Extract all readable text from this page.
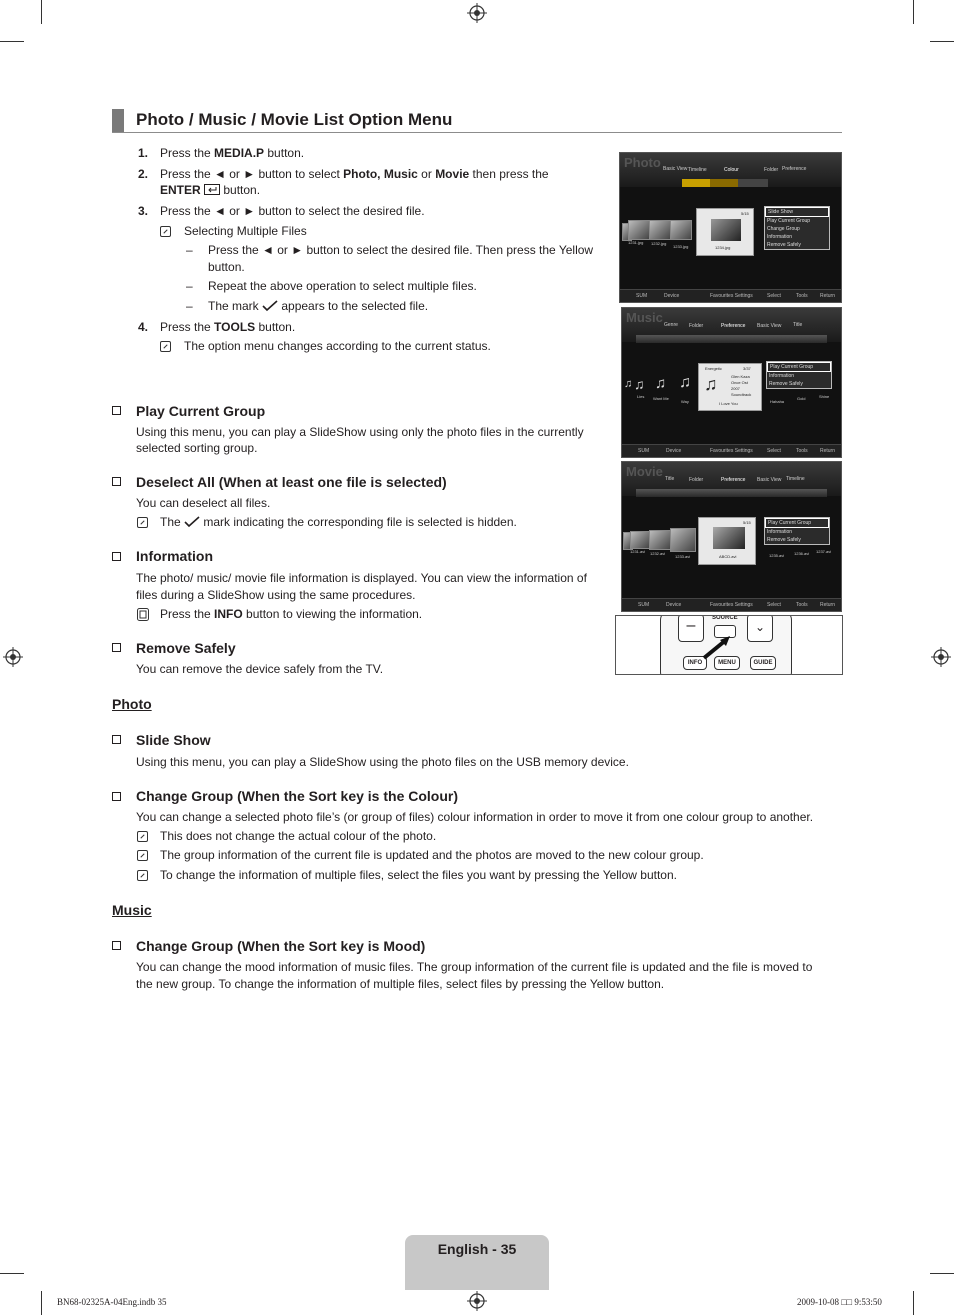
Photo / Music / Movie List Option Menu
1. Press the MEDIA.P button.
2. Press the ◄ or ► button to select Photo, Music or Movie then press the
ENTER  button.
3. Press the ◄ or ► button to select the desired file.
Selecting Multiple Files
– Press the ◄ or ► button to select the desired file. Then press the Yellow
button.
– Repeat the above operation to select multiple files.
– The mark  appears to the selected file.
4. Press the TOOLS button.
The option menu changes according to the current status.
Play Current Group
Using this menu, you can play a SlideShow using only the photo files in the currently
selected sorting group.
Deselect All (When at least one file is selected)
You can deselect all files.
The  mark indicating the corresponding file is selected is hidden.
Information
The photo/ music/ movie file information is displayed. You can view the information of
files during a SlideShow using the same procedures.
Press the INFO button to viewing the information.
Remove Safely
You can remove the device safely from the TV.
Photo
Slide Show
Using this menu, you can play a SlideShow using the photo files on the USB memory device.
Change Group (When the Sort key is the Colour)
You can change a selected photo file’s (or group of files) colour information in order to move it from one colour group to another.
This does not change the actual colour of the photo.
The group information of the current file is updated and the photos are moved to the new colour group.
To change the information of multiple files, select the files you want by pressing the Yellow button.
Music
Change Group (When the Sort key is Mood)
You can change the mood information of music files. The group information of the current file is updated and the file is moved to
the new group. To change the information of multiple files, select files by pressing the Yellow button.
Photo Basic View Timeline	Colour	Folder Preference
1231.jpg 1232.jpg
1233.jpg	1234.jpg
5/15	Slide Show
Play Current Group
Change Group
Information
Remove Safely
SUM	Device	Favourites Settings	Select	Tools Return
Music Genre Folder	Preference Basic View Title
♫ ♫ ♫ ♫
Lies Want Me
Way
♫
Energetic	3/37
Glen Kaza
Once Ost
2007
Soundtrack
I Love You	Hahaha
Gold	Shine
Play Current Group
Information
Remove Safely
SUM	Device	Favourites Settings	Select	Tools Return
Movie Title	Folder	Preference Basic View Timeline
1231.avi 1232.avi
1233.avi	ABCD.avi
5/15
1235.avi 1236.avi 1237.avi
Play Current Group
Information
Remove Safely
SUM	Device	Favourites Settings	Select	Tools Return
–	⌄
SOURCE
INFO	MENU	GUIDE
English - 35
BN68-02325A-04Eng.indb 35	2009-10-08 □□ 9:53:50
